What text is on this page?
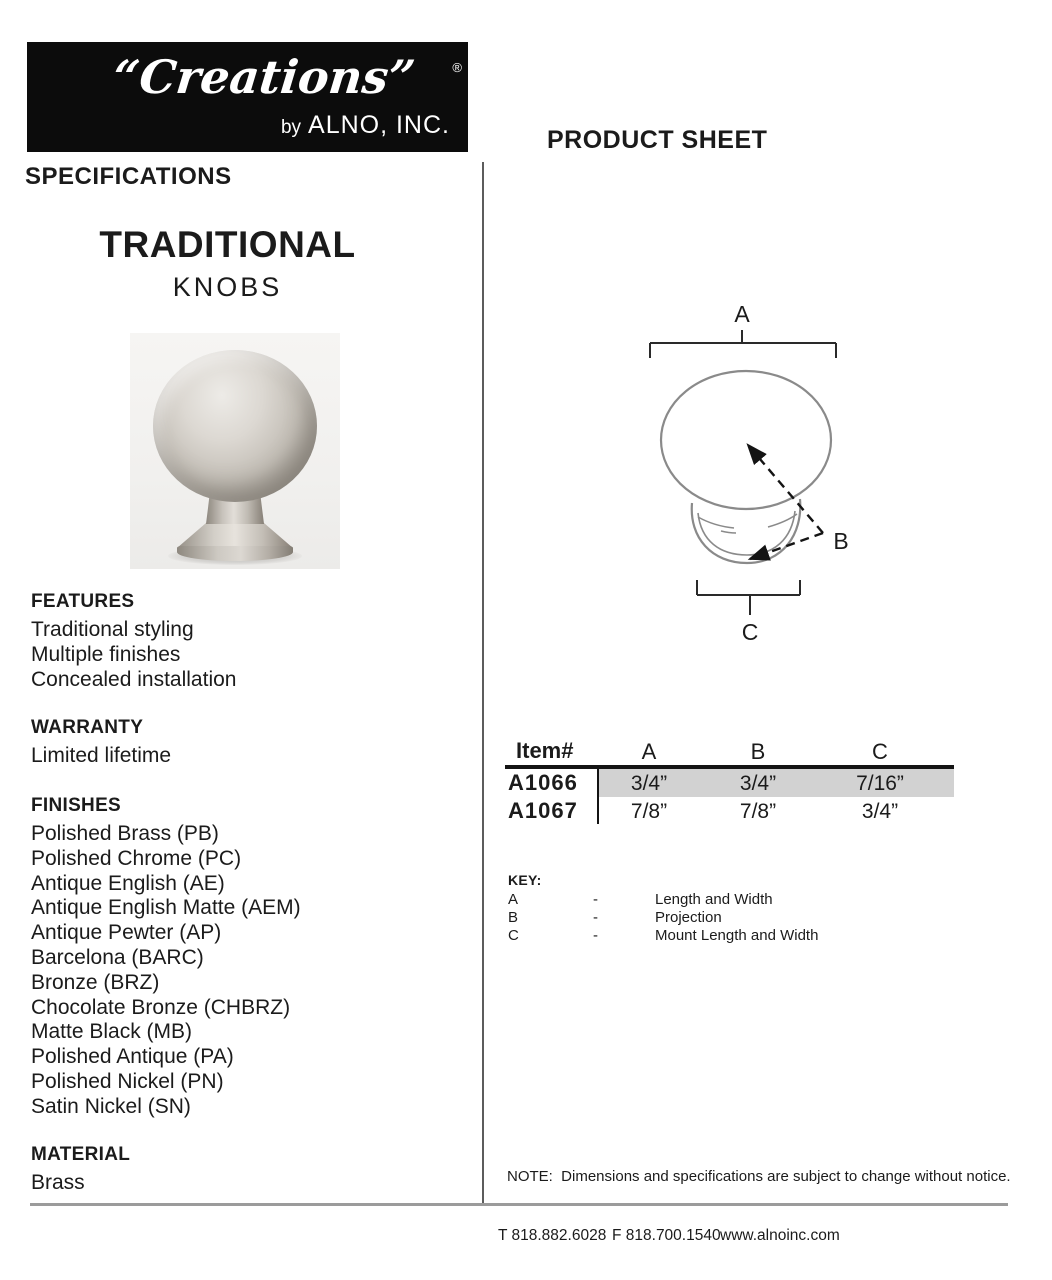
“Creations”	®
by ALNO, INC.
PRODUCT SHEET
SPECIFICATIONS
TRADITIONAL
KNOBS
FEATURES
Traditional styling
Multiple finishes
Concealed installation
WARRANTY
Limited lifetime
FINISHES
Polished Brass (PB)
Polished Chrome (PC)
Antique English (AE)
Antique English Matte (AEM)
Antique Pewter (AP)
Barcelona (BARC)
Bronze (BRZ)
Chocolate Bronze (CHBRZ)
Matte Black (MB)
Polished Antique (PA)
Polished Nickel (PN)
Satin Nickel (SN)
MATERIAL
Brass
A
B
C
Item#	A	B	C
A1066	3/4”	3/4”	7/16”
A1067	7/8”	7/8”	3/4”
KEY:
A	-	Length and Width
B	-	Projection
C	-	Mount Length and Width
NOTE:  Dimensions and specifications are subject to change without notice.
T 818.882.6028 F 818.700.1540 www.alnoinc.com
